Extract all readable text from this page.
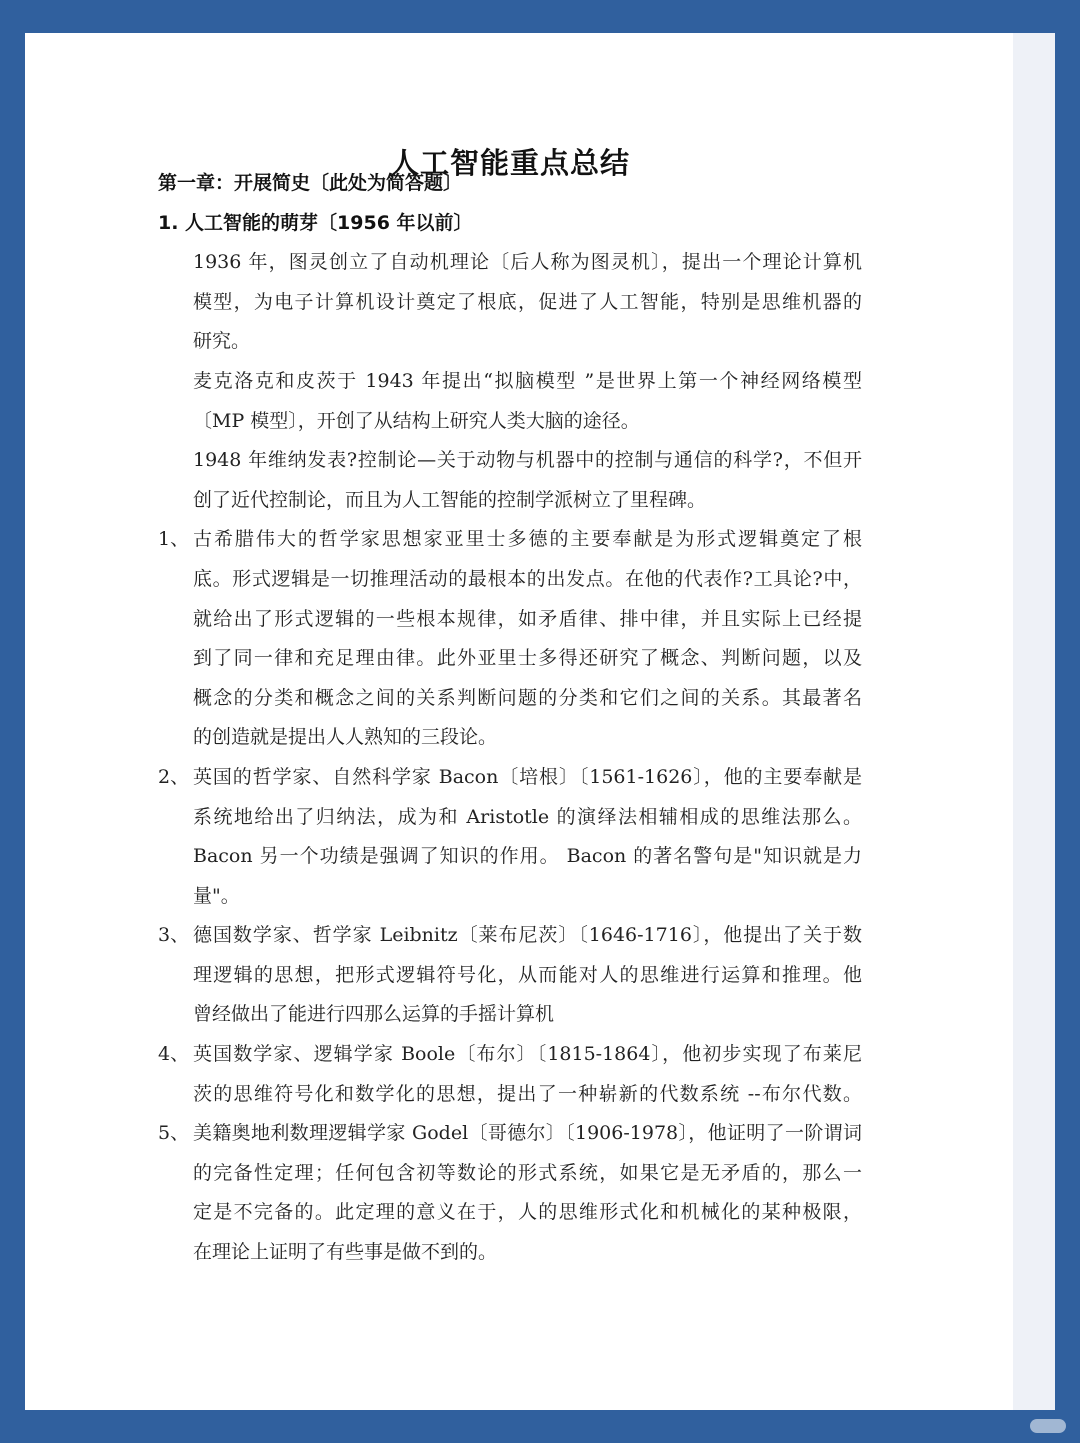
人工智能重点总结
第一章：开展简史〔此处为简答题〕
1. 人工智能的萌芽〔1956 年以前〕
1936 年，图灵创立了自动机理论〔后人称为图灵机〕，提出一个理论计算机
模型，为电子计算机设计奠定了根底，促进了人工智能，特别是思维机器的
研究。
麦克洛克和皮茨于 1943 年提出“拟脑模型 ”是世界上第一个神经网络模型
〔MP 模型〕，开创了从结构上研究人类大脑的途径。
1948 年维纳发表?控制论—关于动物与机器中的控制与通信的科学?，不但开
创了近代控制论，而且为人工智能的控制学派树立了里程碑。
1、 古希腊伟大的哲学家思想家亚里士多德的主要奉献是为形式逻辑奠定了根
底。形式逻辑是一切推理活动的最根本的出发点。在他的代表作?工具论?中，
就给出了形式逻辑的一些根本规律，如矛盾律、排中律，并且实际上已经提
到了同一律和充足理由律。此外亚里士多得还研究了概念、判断问题，以及
概念的分类和概念之间的关系判断问题的分类和它们之间的关系。其最著名
的创造就是提出人人熟知的三段论。
2、 英国的哲学家、自然科学家 Bacon〔培根〕〔1561-1626〕，他的主要奉献是
系统地给出了归纳法，成为和 Aristotle 的演绎法相辅相成的思维法那么。
Bacon 另一个功绩是强调了知识的作用。 Bacon 的著名警句是"知识就是力
量"。
3、 德国数学家、哲学家 Leibnitz〔莱布尼茨〕〔1646-1716〕，他提出了关于数
理逻辑的思想，把形式逻辑符号化，从而能对人的思维进行运算和推理。他
曾经做出了能进行四那么运算的手摇计算机
4、 英国数学家、逻辑学家 Boole〔布尔〕〔1815-1864〕，他初步实现了布莱尼
茨的思维符号化和数学化的思想，提出了一种崭新的代数系统 --布尔代数。
5、 美籍奥地利数理逻辑学家 Godel〔哥德尔〕〔1906-1978〕，他证明了一阶谓词
的完备性定理；任何包含初等数论的形式系统，如果它是无矛盾的，那么一
定是不完备的。此定理的意义在于，人的思维形式化和机械化的某种极限，
在理论上证明了有些事是做不到的。
